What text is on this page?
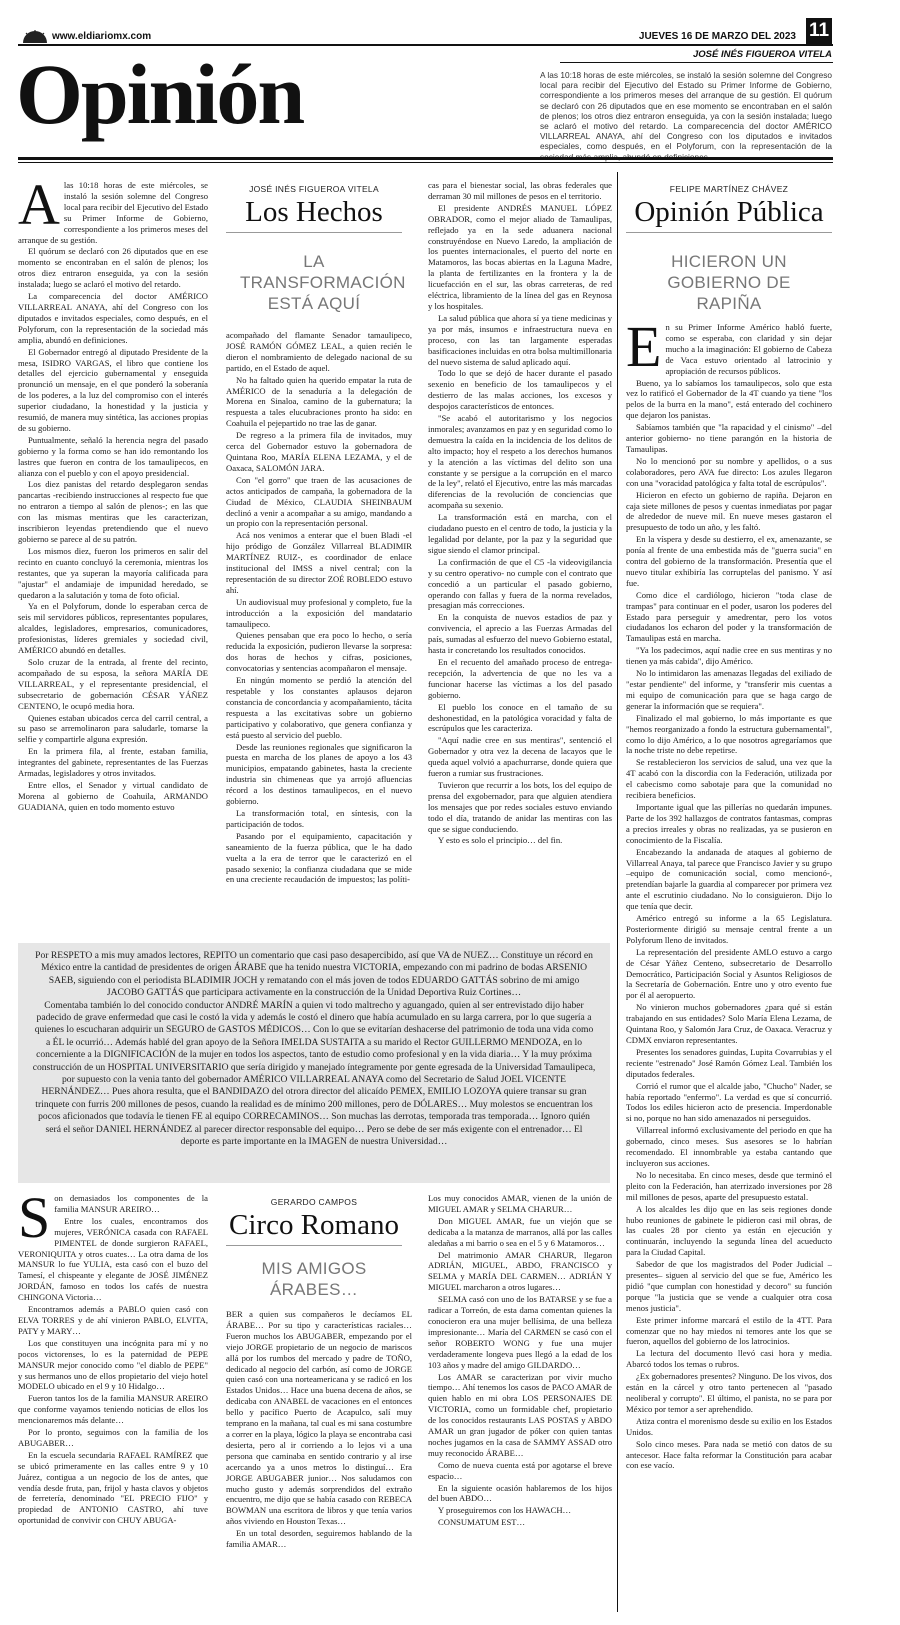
www.eldiariomx.com	JUEVES 16 DE MARZO DEL 2023 11
JOSÉ INÉS FIGUEROA VITELA
Opinión	A las 10:18 horas de este miércoles, se instaló la sesión solemne del Congreso local para recibir del Ejecutivo del Estado su Primer Informe de Gobierno, correspondiente a los primeros meses del arranque de su gestión. El quórum se declaró con 26 diputados que en ese momento se encontraban en el salón de plenos; los otros diez entraron enseguida, ya con la sesión instalada; luego se aclaró el motivo del retardo. La comparecencia del doctor AMÉRICO VILLARREAL ANAYA, ahí del Congreso con los diputados e invitados especiales, como después, en el Polyforum, con la representación de la

Alas 10:18 horas de este miércoles, se instaló la sesión solemne del Congreso local para recibir del Ejecutivo del Estado su Primer Informe de Gobierno, correspondiente a los primeros meses del arranque de su gestión.

El quórum se declaró con 26 diputados que en ese momento se encontraban en el salón de plenos; los otros diez entraron enseguida, ya con la sesión instalada; luego se aclaró el motivo del retardo.

La comparecencia del doctor AMÉRICO VILLARREAL ANAYA, ahí del Congreso con los diputados e invitados especiales, como después, en el Polyforum, con la representación de la sociedad más amplia, abundó en definiciones.

El Gobernador entregó al diputado Presidente de la mesa, ISIDRO VARGAS, el libro que contiene los detalles del ejercicio gubernamental y enseguida pronunció un mensaje, en el que ponderó la soberanía de los poderes, a la luz del compromiso con el interés superior ciudadano, la honestidad y la justicia y resumió, de manera muy sintética, las acciones propias de su gobierno.

Puntualmente, señaló la herencia negra del pasado gobierno y la forma como se han ido remontando los lastres que fueron en contra de los tamaulipecos, en alianza con el pueblo y con el apoyo presidencial.

Los diez panistas del retardo desplegaron sendas pancartas -recibiendo instrucciones al respecto fue que no entraron a tiempo al salón de plenos-; en las que con las mismas mentiras que les caracterizan, inscribieron leyendas pretendiendo que el nuevo gobierno se parece al de su patrón.

Los mismos diez, fueron los primeros en salir del recinto en cuanto concluyó la ceremonia, mientras los restantes, que ya superan la mayoría calificada para "ajustar" el andamiaje de impunidad heredado, se quedaron a la salutación y toma de foto oficial.

Ya en el Polyforum, donde lo esperaban cerca de seis mil servidores públicos, representantes populares, alcaldes, legisladores, empresarios, comunicadores, profesionistas, líderes gremiales y sociedad civil, AMÉRICO abundó en detalles.

Solo cruzar de la entrada, al frente del recinto, acompañado de su esposa, la señora MARÍA DE VILLARREAL, y el representante presidencial, el subsecretario de gobernación CÉSAR YÁÑEZ CENTENO, le ocupó media hora.

Quienes estaban ubicados cerca del carril central, a su paso se arremolinaron para saludarle, tomarse la selfie y compartirle alguna expresión.

En la primera fila, al frente, estaban familia, integrantes del gabinete, representantes de las Fuerzas Armadas, legisladores y otros invitados.

Entre ellos, el Senador y virtual candidato de Morena al gobierno de Coahuila, ARMANDO GUADIANA, quien en todo momento estuvo

JOSÉ INÉS FIGUEROA VITELA
Los Hechos
LA TRANSFORMACIÓN ESTÁ AQUÍ

acompañado del flamante Senador tamaulipeco, JOSÉ RAMÓN GÓMEZ LEAL, a quien recién le dieron el nombramiento de delegado nacional de su partido, en el Estado de aquel.

No ha faltado quien ha querido empatar la ruta de AMÉRICO de la senaduría a la delegación de Morena en Sinaloa, camino de la gubernatura; la respuesta a tales elucubraciones pronto ha sido: en Coahuila el pejepartido no trae las de ganar.

De regreso a la primera fila de invitados, muy cerca del Gobernador estuvo la gobernadora de Quintana Roo, MARÍA ELENA LEZAMA, y el de Oaxaca, SALOMÓN JARA.

Con "el gorro" que traen de las acusaciones de actos anticipados de campaña, la gobernadora de la Ciudad de México, CLAUDIA SHEINBAUM declinó a venir a acompañar a su amigo, mandando a un propio con la representación personal.

Acá nos venimos a enterar que el buen Bladi -el hijo pródigo de González Villarreal BLADIMIR MARTÍNEZ RUIZ-, es coordinador de enlace institucional del IMSS a nivel central; con la representación de su director ZOÉ ROBLEDO estuvo ahí.

Un audiovisual muy profesional y completo, fue la introducción a la exposición del mandatario tamaulipeco.

Quienes pensaban que era poco lo hecho, o sería reducida la exposición, pudieron llevarse la sorpresa: dos horas de hechos y cifras, posiciones, convocatorias y sentencias acompañaron el mensaje.

En ningún momento se perdió la atención del respetable y los constantes aplausos dejaron constancia de concordancia y acompañamiento, tácita respuesta a las excitativas sobre un gobierno participativo y colaborativo, que genera confianza y está puesto al servicio del pueblo.

Desde las reuniones regionales que significaron la puesta en marcha de los planes de apoyo a los 43 municipios, empatando gabinetes, hasta la creciente industria sin chimeneas que ya arrojó afluencias récord a los destinos tamaulipecos, en el nuevo gobierno.

La transformación total, en síntesis, con la participación de todos.

Pasando por el equipamiento, capacitación y saneamiento de la fuerza pública, que le ha dado vuelta a la era de terror que le caracterizó en el pasado sexenio; la confianza ciudadana que se mide en una creciente recaudación de impuestos; las políti-

cas para el bienestar social, las obras federales que derraman 30 mil millones de pesos en el territorio.

El presidente ANDRÉS MANUEL LÓPEZ OBRADOR, como el mejor aliado de Tamaulipas, reflejado ya en la sede aduanera nacional construyéndose en Nuevo Laredo, la ampliación de los puentes internacionales, el puerto del norte en Matamoros, las bocas abiertas en la Laguna Madre, la planta de fertilizantes en la frontera y la de licuefacción en el sur, las obras carreteras, de red eléctrica, libramiento de la línea del gas en Reynosa y los hospitales.

La salud pública que ahora sí ya tiene medicinas y ya por más, insumos e infraestructura nueva en proceso, con las tan largamente esperadas basificaciones incluidas en otra bolsa multimillonaria del nuevo sistema de salud aplicado aquí.

Todo lo que se dejó de hacer durante el pasado sexenio en beneficio de los tamaulipecos y el destierro de las malas acciones, los excesos y despojos característicos de entonces.

"Se acabó el autoritarismo y los negocios inmorales; avanzamos en paz y en seguridad como lo demuestra la caída en la incidencia de los delitos de alto impacto; hoy el respeto a los derechos humanos y la atención a las víctimas del delito son una constante y se persigue a la corrupción en el marco de la ley", relató el Ejecutivo, entre las más marcadas diferencias de la revolución de conciencias que acompaña su sexenio.

La transformación está en marcha, con el ciudadano puesto en el centro de todo, la justicia y la legalidad por delante, por la paz y la seguridad que sigue siendo el clamor principal.

La confirmación de que el C5 -la videovigilancia y su centro operativo- no cumple con el contrato que concedió a un particular el pasado gobierno, operando con fallas y fuera de la norma revelados, presagian más correcciones.

En la conquista de nuevos estadios de paz y convivencia, el aprecio a las Fuerzas Armadas del país, sumadas al esfuerzo del nuevo Gobierno estatal, hasta ir concretando los resultados conocidos.

En el recuento del amañado proceso de entrega-recepción, la advertencia de que no les va a funcionar hacerse las víctimas a los del pasado gobierno.

El pueblo los conoce en el tamaño de su deshonestidad, en la patológica voracidad y falta de escrúpulos que les caracteriza.

"Aquí nadie cree en sus mentiras", sentenció el Gobernador y otra vez la decena de lacayos que le queda aquel volvió a apachurrarse, donde quiera que fueron a rumiar sus frustraciones.

Tuvieron que recurrir a los bots, los del equipo de prensa del exgobernador, para que alguien atendiera los mensajes que por redes sociales estuvo enviando todo el día, tratando de anidar las mentiras con las que se sigue conduciendo.

Y esto es solo el principio… del fin.

FELIPE MARTÍNEZ CHÁVEZ
Opinión Pública
HICIERON UN GOBIERNO DE RAPIÑA

En su Primer Informe Américo habló fuerte, como se esperaba, con claridad y sin dejar mucho a la imaginación: El gobierno de Cabeza de Vaca estuvo orientado al latrocinio y apropiación de recursos públicos.

Bueno, ya lo sabíamos los tamaulipecos, solo que esta vez lo ratificó el Gobernador de la 4T cuando ya tiene "los pelos de la burra en la mano", está enterado del cochinero que dejaron los panistas.

Sabíamos también que "la rapacidad y el cinismo" –del anterior gobierno- no tiene parangón en la historia de Tamaulipas.

No lo mencionó por su nombre y apellidos, o a sus colaboradores, pero AVA fue directo: Los azules llegaron con una "voracidad patológica y falta total de escrúpulos".

Hicieron en efecto un gobierno de rapiña. Dejaron en caja siete millones de pesos y cuentas inmediatas por pagar de alrededor de nueve mil. En nueve meses gastaron el presupuesto de todo un año, y les faltó.

En la víspera y desde su destierro, el ex, amenazante, se ponía al frente de una embestida más de "guerra sucia" en contra del gobierno de la transformación. Presentía que el nuevo titular exhibiría las corruptelas del panismo. Y así fue.

Como dice el cardiólogo, hicieron "toda clase de trampas" para continuar en el poder, usaron los poderes del Estado para perseguir y amedrentar, pero los votos ciudadanos los echaron del poder y la transformación de Tamaulipas está en marcha.

"Ya los padecimos, aquí nadie cree en sus mentiras y no tienen ya más cabida", dijo Américo.

No lo intimidaron las amenazas llegadas del exiliado de "estar pendiente" del informe, y "transferir mis cuentas a mi equipo de comunicación para que se haga cargo de generar la información que se requiera".

Finalizado el mal gobierno, lo más importante es que "hemos reorganizado a fondo la estructura gubernamental", como lo dijo Américo, a lo que nosotros agregaríamos que la noche triste no debe repetirse.

Se restablecieron los servicios de salud, una vez que la 4T acabó con la discordia con la Federación, utilizada por el cabecismo como sabotaje para que la comunidad no recibiera beneficios.

Importante igual que las pillerías no quedarán impunes. Parte de los 392 hallazgos de contratos fantasmas, compras a precios irreales y obras no realizadas, ya se pusieron en conocimiento de la Fiscalía.

Encabezando la andanada de ataques al gobierno de Villarreal Anaya, tal parece que Francisco Javier y su grupo –equipo de comunicación social, como mencionó-, pretendían bajarle la guardia al comparecer por primera vez ante el escrutinio ciudadano. No lo consiguieron. Dijo lo que tenía que decir.

Américo entregó su informe a la 65 Legislatura. Posteriormente dirigió su mensaje central frente a un Polyforum lleno de invitados.

La representación del presidente AMLO estuvo a cargo de César Yáñez Centeno, subsecretario de Desarrollo Democrático, Participación Social y Asuntos Religiosos de la Secretaría de Gobernación. Entre uno y otro evento fue por él al aeropuerto.

No vinieron muchos gobernadores ¿para qué si están trabajando en sus entidades? Solo María Elena Lezama, de Quintana Roo, y Salomón Jara Cruz, de Oaxaca. Veracruz y CDMX enviaron representantes.

Presentes los senadores guindas, Lupita Covarrubias y el reciente "estrenado" José Ramón Gómez Leal. También los diputados federales.

Corrió el rumor que el alcalde jabo, "Chucho" Nader, se había reportado "enfermo". La verdad es que sí concurrió. Todos los ediles hicieron acto de presencia. Imperdonable si no, porque no han sido amenazados ni perseguidos.

Villarreal informó exclusivamente del periodo en que ha gobernado, cinco meses. Sus asesores se lo habrían recomendado. El innombrable ya estaba cantando que incluyeron sus acciones.

No lo necesitaba. En cinco meses, desde que terminó el pleito con la Federación, han aterrizado inversiones por 28 mil millones de pesos, aparte del presupuesto estatal.

A los alcaldes les dijo que en las seis regiones donde hubo reuniones de gabinete le pidieron casi mil obras, de las cuales 28 por ciento ya están en ejecución y continuarán, incluyendo la segunda línea del acueducto para la Ciudad Capital.

Sabedor de que los magistrados del Poder Judicial –presentes– siguen al servicio del que se fue, Américo les pidió "que cumplan con honestidad y decoro" su función porque "la justicia que se vende a cualquier otra cosa menos justicia".

Este primer informe marcará el estilo de la 4TT. Para comenzar que no hay miedos ni temores ante los que se fueron, aquellos del gobierno de los latrocinios.

La lectura del documento llevó casi hora y media. Abarcó todos los temas o rubros.

¿Ex gobernadores presentes? Ninguno. De los vivos, dos están en la cárcel y otro tanto pertenecen al "pasado neoliberal y corrupto". El último, el panista, no se para por México por temor a ser aprehendido.

Atiza contra el morenismo desde su exilio en los Estados Unidos.

Solo cinco meses. Para nada se metió con datos de su antecesor. Hace falta reformar la Constitución para acabar con ese vacío.

Por RESPETO a mis muy amados lectores, REPITO un comentario que casi paso desapercibido, así que VA de NUEZ… Constituye un récord en México entre la cantidad de presidentes de origen ÁRABE que ha tenido nuestra VICTORIA, empezando con mi padrino de bodas ARSENIO SAEB, siguiendo con el periodista BLADIMIR JOCH y rematando con el más joven de todos EDUARDO GATTÁS sobrino de mi amigo JACOBO GATTÁS que participara activamente en la construcción de la Unidad Deportiva Ruiz Cortines…
Comentaba también lo del conocido conductor ANDRÉ MARÍN a quien vi todo maltrecho y aguangado, quien al ser entrevistado dijo haber padecido de grave enfermedad que casi le costó la vida y además le costó el dinero que había acumulado en su larga carrera, por lo que sugería a quienes lo escucharan adquirir un SEGURO de GASTOS MÉDICOS… Con lo que se evitarían deshacerse del patrimonio de toda una vida como a ÉL le ocurrió… Además hablé del gran apoyo de la Señora IMELDA SUSTAITA a su marido el Rector GUILLERMO MENDOZA, en lo concerniente a la DIGNIFICACIÓN de la mujer en todos los aspectos, tanto de estudio como profesional y en la vida diaria… Y la muy próxima construcción de un HOSPITAL UNIVERSITARIO que sería dirigido y manejado íntegramente por gente egresada de la Universidad Tamaulipeca, por supuesto con la venia tanto del gobernador AMÉRICO VILLARREAL ANAYA como del Secretario de Salud JOEL VICENTE HERNÁNDEZ… Pues ahora resulta, que el BANDIDAZO del otrora director del alicaído PEMEX, EMILIO LOZOYA quiere transar su gran trinquete con furris 200 millones de pesos, cuando la realidad es de mínimo 200 millones, pero de DÓLARES… Muy molestos se encuentran los pocos aficionados que todavía le tienen FE al equipo CORRECAMINOS… Son muchas las derrotas, temporada tras temporada… Ignoro quién será el señor DANIEL HERNÁNDEZ al parecer director responsable del equipo… Pero se debe de ser más exigente con el entrenador… El deporte es parte importante en la IMAGEN de nuestra Universidad…

Son demasiados los componentes de la familia MANSUR AREIRO…

Entre los cuales, encontramos dos mujeres, VERÓNICA casada con RAFAEL PIMENTEL de donde surgieron RAFAEL, VERONIQUITA y otros cuates… La otra dama de los MANSUR lo fue YULIA, esta casó con el buzo del Tamesí, el chispeante y elegante de JOSÉ JIMÉNEZ JORDÁN, famoso en todos los cafés de nuestra CHINGONA Victoria…

Encontramos además a PABLO quien casó con ELVA TORRES y de ahí vinieron PABLO, ELVITA, PATY y MARY…

Los que constituyen una incógnita para mí y no pocos victorenses, lo es la paternidad de PEPE MANSUR mejor conocido como "el diablo de PEPE" y sus hermanos uno de ellos propietario del viejo hotel MODELO ubicado en el 9 y 10 Hidalgo…

Fueron tantos los de la familia MANSUR AREIRO que conforme vayamos teniendo noticias de ellos los mencionaremos más delante…

Por lo pronto, seguimos con la familia de los ABUGABER…

En la escuela secundaria RAFAEL RAMÍREZ que se ubicó primeramente en las calles entre 9 y 10 Juárez, contigua a un negocio de los de antes, que vendía desde fruta, pan, frijol y hasta clavos y objetos de ferretería, denominado "EL PRECIO FIJO" y propiedad de ANTONIO CASTRO, ahí tuve oportunidad de convivir con CHUY ABUGA-

GERARDO CAMPOS
Circo Romano
MIS AMIGOS ÁRABES…

BER a quien sus compañeros le decíamos EL ÁRABE… Por su tipo y características raciales… Fueron muchos los ABUGABER, empezando por el viejo JORGE propietario de un negocio de mariscos allá por los rumbos del mercado y padre de TOÑO, dedicado al negocio del carbón, así como de JORGE quien casó con una norteamericana y se radicó en los Estados Unidos… Hace una buena decena de años, se dedicaba con ANABEL de vacaciones en el entonces bello y pacífico Puerto de Acapulco, salí muy temprano en la mañana, tal cual es mi sana costumbre a correr en la playa, lógico la playa se encontraba casi desierta, pero al ir corriendo a lo lejos vi a una persona que caminaba en sentido contrario y al irse acercando ya a unos metros lo distinguí… Era JORGE ABUGABER junior… Nos saludamos con mucho gusto y además sorprendidos del extraño encuentro, me dijo que se había casado con REBECA BOWMAN una escritora de libros y que tenía varios años viviendo en Houston Texas…

En un total desorden, seguiremos hablando de la familia AMAR…

Los muy conocidos AMAR, vienen de la unión de MIGUEL AMAR y SELMA CHARUR…

Don MIGUEL AMAR, fue un viejón que se dedicaba a la matanza de marranos, allá por las calles aledañas a mi barrio o sea en el 5 y 6 Matamoros…

Del matrimonio AMAR CHARUR, llegaron ADRIÁN, MIGUEL, ABDO, FRANCISCO y SELMA y MARÍA DEL CARMEN… ADRIÁN Y MIGUEL marcharon a otros lugares…

SELMA casó con uno de los BATARSE y se fue a radicar a Torreón, de esta dama comentan quienes la conocieron era una mujer bellísima, de una belleza impresionante… María del CARMEN se casó con el señor ROBERTO WONG y fue una mujer verdaderamente longeva pues llegó a la edad de los 103 años y madre del amigo GILDARDO…

Los AMAR se caracterizan por vivir mucho tiempo… Ahí tenemos los casos de PACO AMAR de quien hablo en mi obra LOS PERSONAJES DE VICTORIA, como un formidable chef, propietario de los conocidos restaurants LAS POSTAS y ABDO AMAR un gran jugador de póker con quien tantas noches jugamos en la casa de SAMMY ASSAD otro muy reconocido ÁRABE…

Como de nueva cuenta está por agotarse el breve espacio…

En la siguiente ocasión hablaremos de los hijos del buen ABDO…

Y proseguiremos con los HAWACH…

CONSUMATUM EST…
